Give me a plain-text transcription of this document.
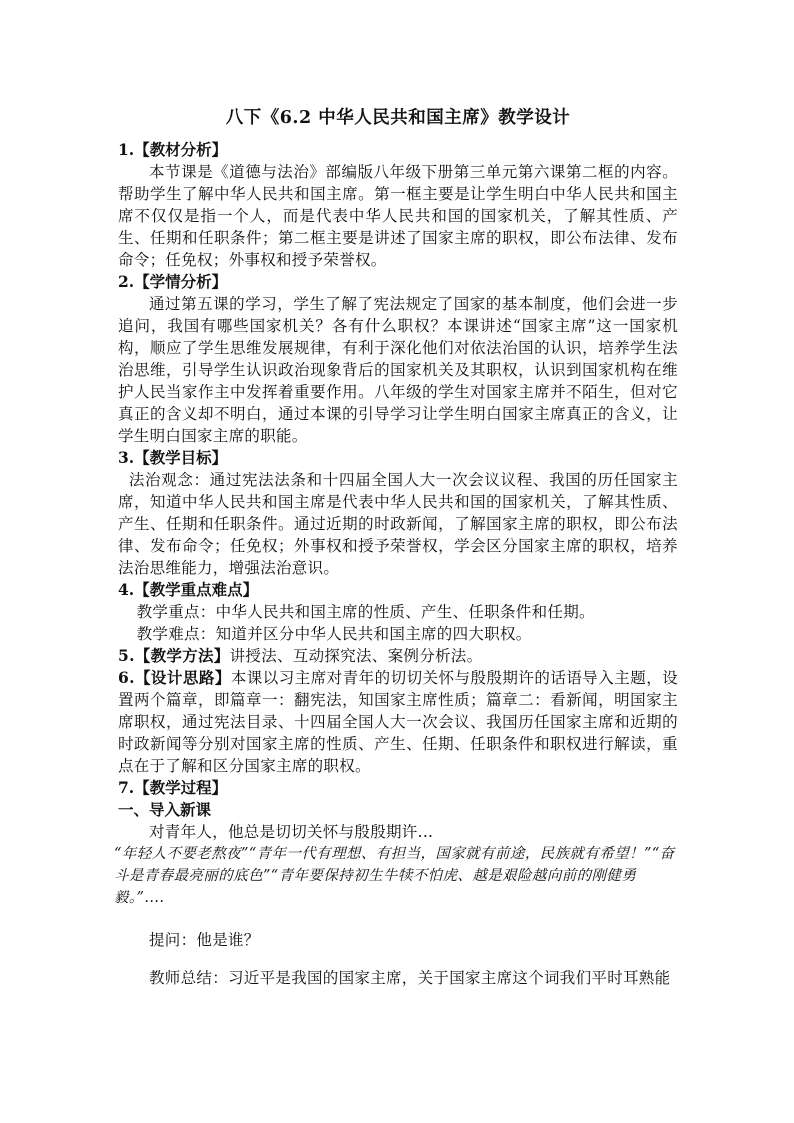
八下《6.2 中华人民共和国主席》教学设计

1.【教材分析】

本节课是《道德与法治》部编版八年级下册第三单元第六课第二框的内容。帮助学生了解中华人民共和国主席。第一框主要是让学生明白中华人民共和国主席不仅仅是指一个人，而是代表中华人民共和国的国家机关，了解其性质、产生、任期和任职条件；第二框主要是讲述了国家主席的职权，即公布法律、发布命令；任免权；外事权和授予荣誉权。

2.【学情分析】

通过第五课的学习，学生了解了宪法规定了国家的基本制度，他们会进一步追问，我国有哪些国家机关？各有什么职权？本课讲述“国家主席”这一国家机构，顺应了学生思维发展规律，有利于深化他们对依法治国的认识，培养学生法治思维，引导学生认识政治现象背后的国家机关及其职权，认识到国家机构在维护人民当家作主中发挥着重要作用。八年级的学生对国家主席并不陌生，但对它真正的含义却不明白，通过本课的引导学习让学生明白国家主席真正的含义，让学生明白国家主席的职能。

3.【教学目标】

法治观念：通过宪法法条和十四届全国人大一次会议议程、我国的历任国家主席，知道中华人民共和国主席是代表中华人民共和国的国家机关，了解其性质、产生、任期和任职条件。通过近期的时政新闻，了解国家主席的职权，即公布法律、发布命令；任免权；外事权和授予荣誉权，学会区分国家主席的职权，培养法治思维能力，增强法治意识。

4.【教学重点难点】

教学重点：中华人民共和国主席的性质、产生、任职条件和任期。

教学难点：知道并区分中华人民共和国主席的四大职权。

5.【教学方法】讲授法、互动探究法、案例分析法。

6.【设计思路】本课以习主席对青年的切切关怀与殷殷期许的话语导入主题，设置两个篇章，即篇章一：翻宪法，知国家主席性质；篇章二：看新闻，明国家主席职权，通过宪法目录、十四届全国人大一次会议、我国历任国家主席和近期的时政新闻等分别对国家主席的性质、产生、任期、任职条件和职权进行解读，重点在于了解和区分国家主席的职权。

7.【教学过程】

一、导入新课

对青年人，他总是切切关怀与殷殷期许...

“年轻人不要老熬夜”“青年一代有理想、有担当，国家就有前途，民族就有希望！”“奋斗是青春最亮丽的底色”“青年要保持初生牛犊不怕虎、越是艰险越向前的刚健勇毅。”....

提问：他是谁？

教师总结：习近平是我国的国家主席，关于国家主席这个词我们平时耳熟能
